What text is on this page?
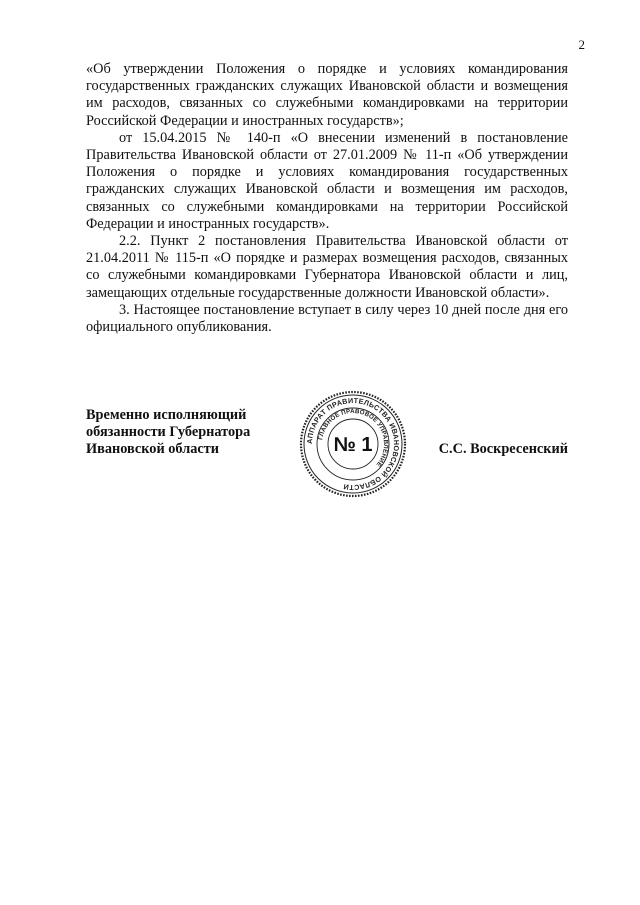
2

«Об утверждении Положения о порядке и условиях командирования государственных гражданских служащих Ивановской области и возмещения им расходов, связанных со служебными командировками на территории Российской Федерации и иностранных государств»;

от 15.04.2015 № 140-п «О внесении изменений в постановление Правительства Ивановской области от 27.01.2009 № 11-п «Об утверждении Положения о порядке и условиях командирования государственных гражданских служащих Ивановской области и возмещения им расходов, связанных со служебными командировками на территории Российской Федерации и иностранных государств».

2.2. Пункт 2 постановления Правительства Ивановской области от 21.04.2011 № 115-п «О порядке и размерах возмещения расходов, связанных со служебными командировками Губернатора Ивановской области и лиц, замещающих отдельные государственные должности Ивановской области».

3. Настоящее постановление вступает в силу через 10 дней после дня его официального опубликования.

Временно исполняющий
обязанности Губернатора
Ивановской области
АППАРАТ ПРАВИТЕЛЬСТВА ИВАНОВСКОЙ ОБЛАСТИ
ГЛАВНОЕ ПРАВОВОЕ УПРАВЛЕНИЕ
№ 1	С.С. Воскресенский
